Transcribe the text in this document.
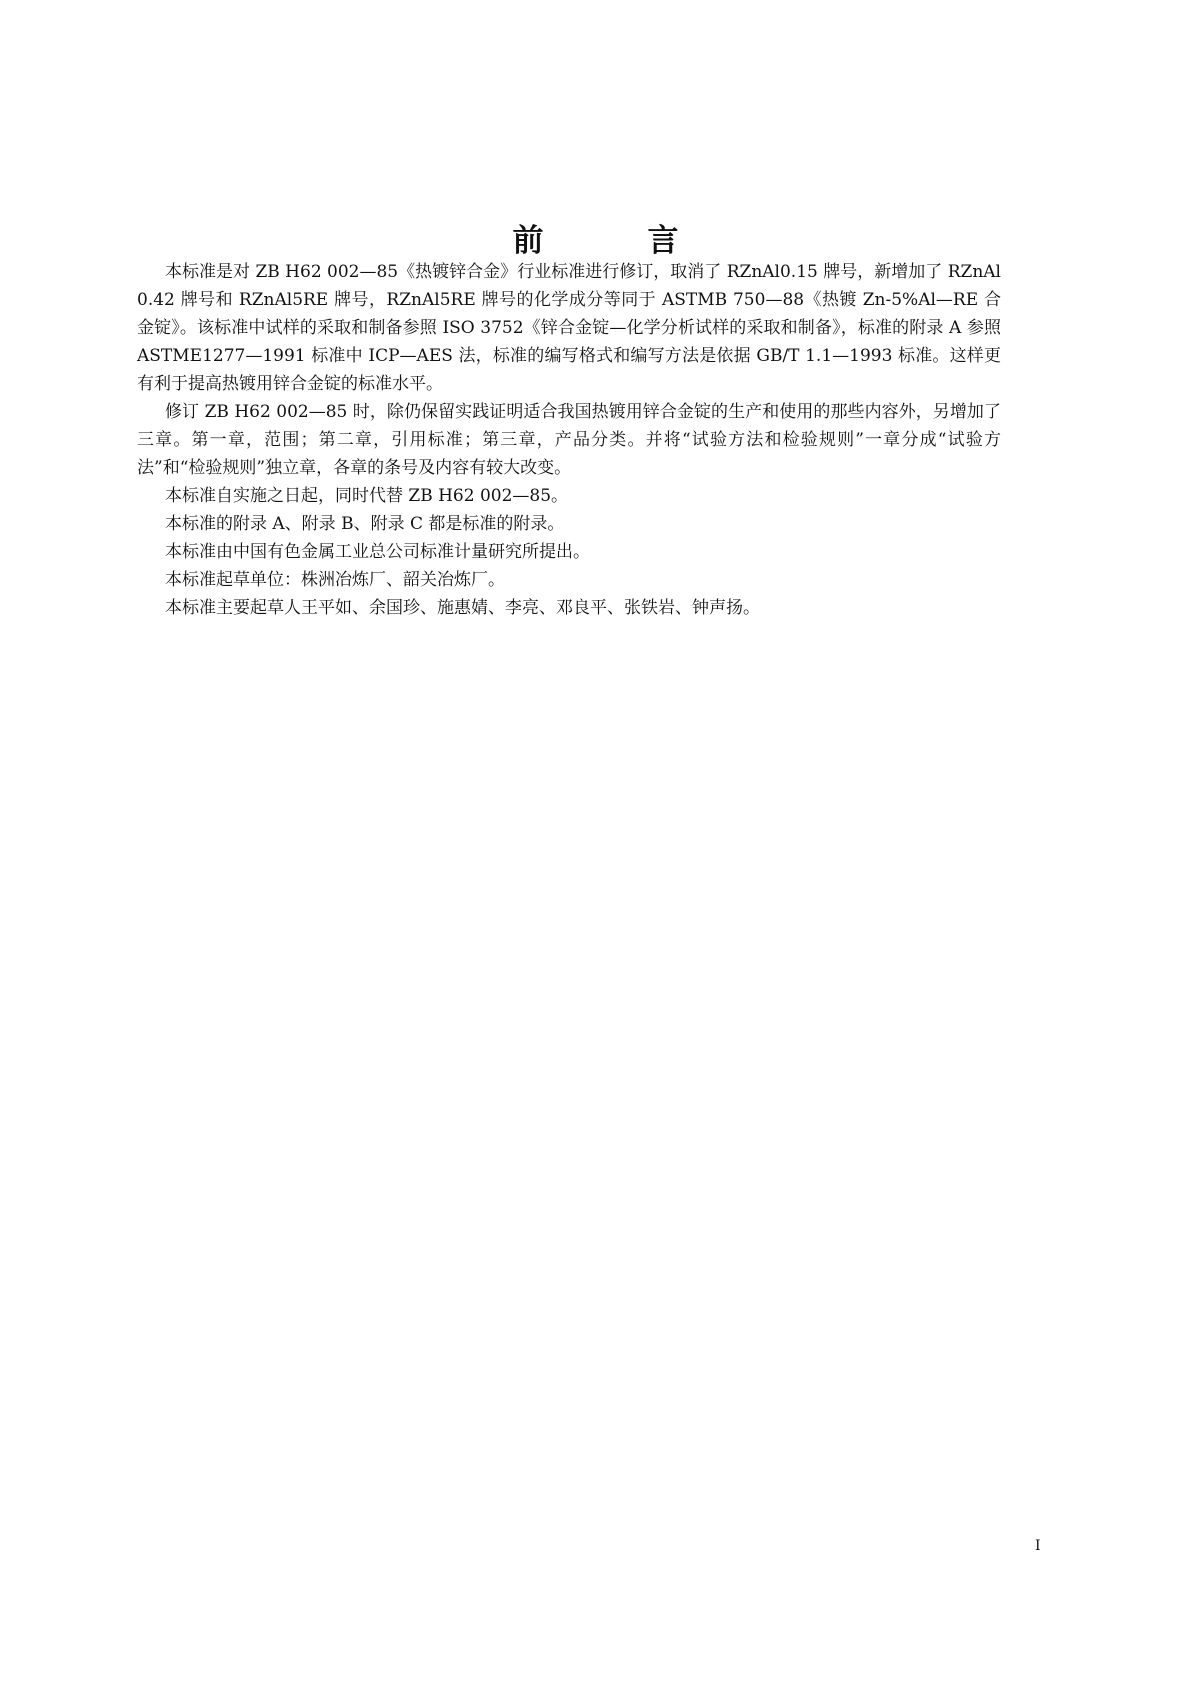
前	言

本标准是对 ZB H62 002—85《热镀锌合金》行业标准进行修订，取消了 RZnAl0.15 牌号，新增加了 RZnAl0.42 牌号和 RZnAl5RE 牌号，RZnAl5RE 牌号的化学成分等同于 ASTMB 750—88《热镀 Zn-5%Al—RE 合金锭》。该标准中试样的采取和制备参照 ISO 3752《锌合金锭—化学分析试样的采取和制备》，标准的附录 A 参照 ASTME1277—1991 标准中 ICP—AES 法，标准的编写格式和编写方法是依据 GB/T 1.1—1993 标准。这样更有利于提高热镀用锌合金锭的标准水平。

修订 ZB H62 002—85 时，除仍保留实践证明适合我国热镀用锌合金锭的生产和使用的那些内容外，另增加了三章。第一章，范围；第二章，引用标准；第三章，产品分类。并将“试验方法和检验规则”一章分成“试验方法”和“检验规则”独立章，各章的条号及内容有较大改变。

本标准自实施之日起，同时代替 ZB H62 002—85。

本标准的附录 A、附录 B、附录 C 都是标准的附录。

本标准由中国有色金属工业总公司标准计量研究所提出。

本标准起草单位：株洲冶炼厂、韶关冶炼厂。

本标准主要起草人王平如、余国珍、施惠婧、李亮、邓良平、张铁岩、钟声扬。

I
